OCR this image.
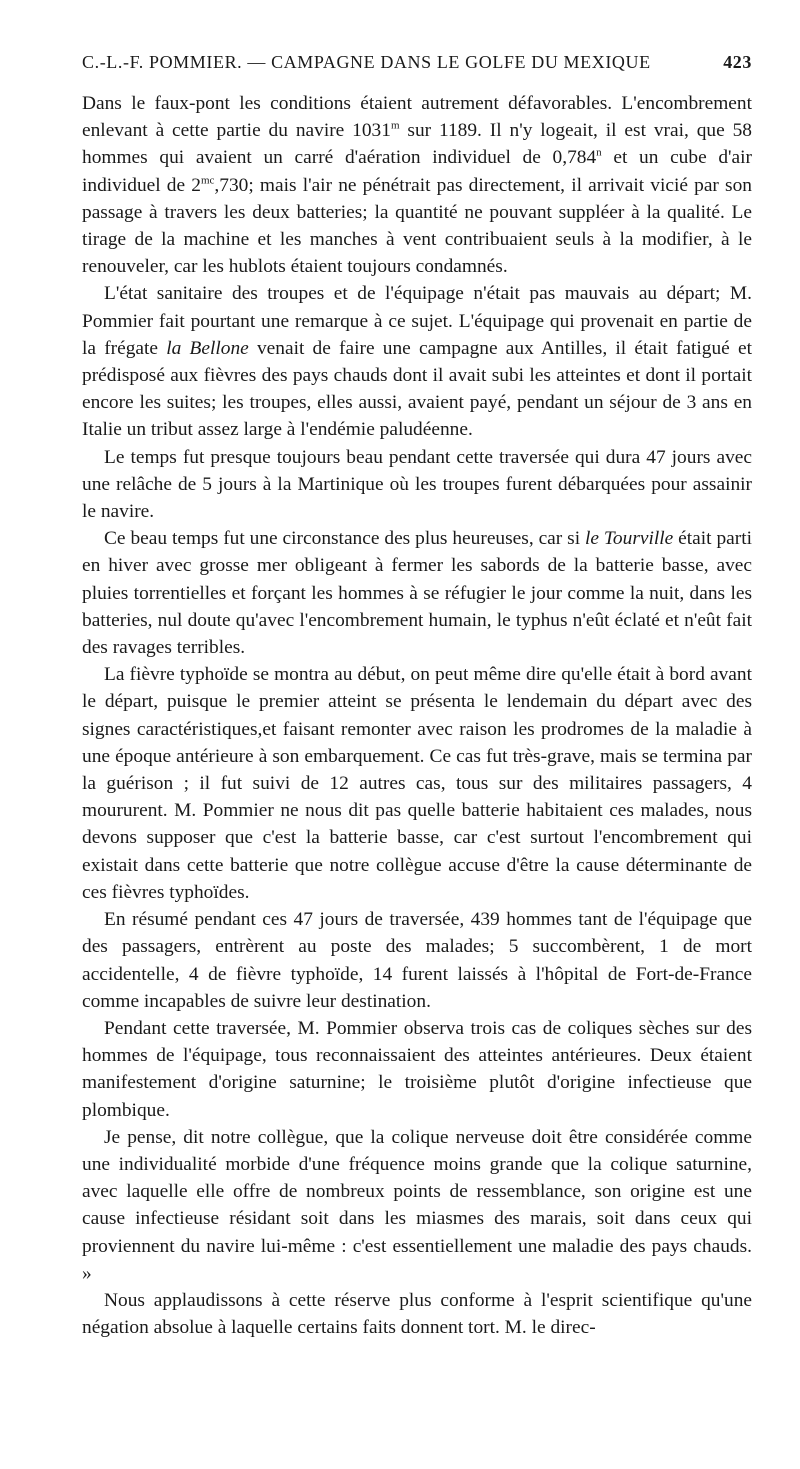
C.-L.-F. POMMIER. — CAMPAGNE DANS LE GOLFE DU MEXIQUE	423

Dans le faux-pont les conditions étaient autrement défavorables. L'encombrement enlevant à cette partie du navire 1031$^m$ sur 1189. Il n'y logeait, il est vrai, que 58 hommes qui avaient un carré d'aération individuel de 0,784$^n$ et un cube d'air individuel de $2^{mc},730$; mais l'air ne pénétrait pas directement, il arrivait vicié par son passage à travers les deux batteries; la quantité ne pouvant suppléer à la qualité. Le tirage de la machine et les manches à vent contribuaient seuls à la modifier, à le renouveler, car les hublots étaient toujours condamnés.

L'état sanitaire des troupes et de l'équipage n'était pas mauvais au départ; M. Pommier fait pourtant une remarque à ce sujet. L'équipage qui provenait en partie de la frégate la Bellone venait de faire une campagne aux Antilles, il était fatigué et prédisposé aux fièvres des pays chauds dont il avait subi les atteintes et dont il portait encore les suites; les troupes, elles aussi, avaient payé, pendant un séjour de 3 ans en Italie un tribut assez large à l'endémie paludéenne.

Le temps fut presque toujours beau pendant cette traversée qui dura 47 jours avec une relâche de 5 jours à la Martinique où les troupes furent débarquées pour assainir le navire.

Ce beau temps fut une circonstance des plus heureuses, car si le Tourville était parti en hiver avec grosse mer obligeant à fermer les sabords de la batterie basse, avec pluies torrentielles et forçant les hommes à se réfugier le jour comme la nuit, dans les batteries, nul doute qu'avec l'encombrement humain, le typhus n'eût éclaté et n'eût fait des ravages terribles.

La fièvre typhoïde se montra au début, on peut même dire qu'elle était à bord avant le départ, puisque le premier atteint se présenta le lendemain du départ avec des signes caractéristiques,et faisant remonter avec raison les prodromes de la maladie à une époque antérieure à son embarquement. Ce cas fut très-grave, mais se termina par la guérison ; il fut suivi de 12 autres cas, tous sur des militaires passagers, 4 moururent. M. Pommier ne nous dit pas quelle batterie habitaient ces malades, nous devons supposer que c'est la batterie basse, car c'est surtout l'encombrement qui existait dans cette batterie que notre collègue accuse d'être la cause déterminante de ces fièvres typhoïdes.

En résumé pendant ces 47 jours de traversée, 439 hommes tant de l'équipage que des passagers, entrèrent au poste des malades; 5 succombèrent, 1 de mort accidentelle, 4 de fièvre typhoïde, 14 furent laissés à l'hôpital de Fort-de-France comme incapables de suivre leur destination.

Pendant cette traversée, M. Pommier observa trois cas de coliques sèches sur des hommes de l'équipage, tous reconnaissaient des atteintes antérieures. Deux étaient manifestement d'origine saturnine; le troisième plutôt d'origine infectieuse que plombique.

Je pense, dit notre collègue, que la colique nerveuse doit être considérée comme une individualité morbide d'une fréquence moins grande que la colique saturnine, avec laquelle elle offre de nombreux points de ressemblance, son origine est une cause infectieuse résidant soit dans les miasmes des marais, soit dans ceux qui proviennent du navire lui-même : c'est essentiellement une maladie des pays chauds. »

Nous applaudissons à cette réserve plus conforme à l'esprit scientifique qu'une négation absolue à laquelle certains faits donnent tort. M. le direc-
